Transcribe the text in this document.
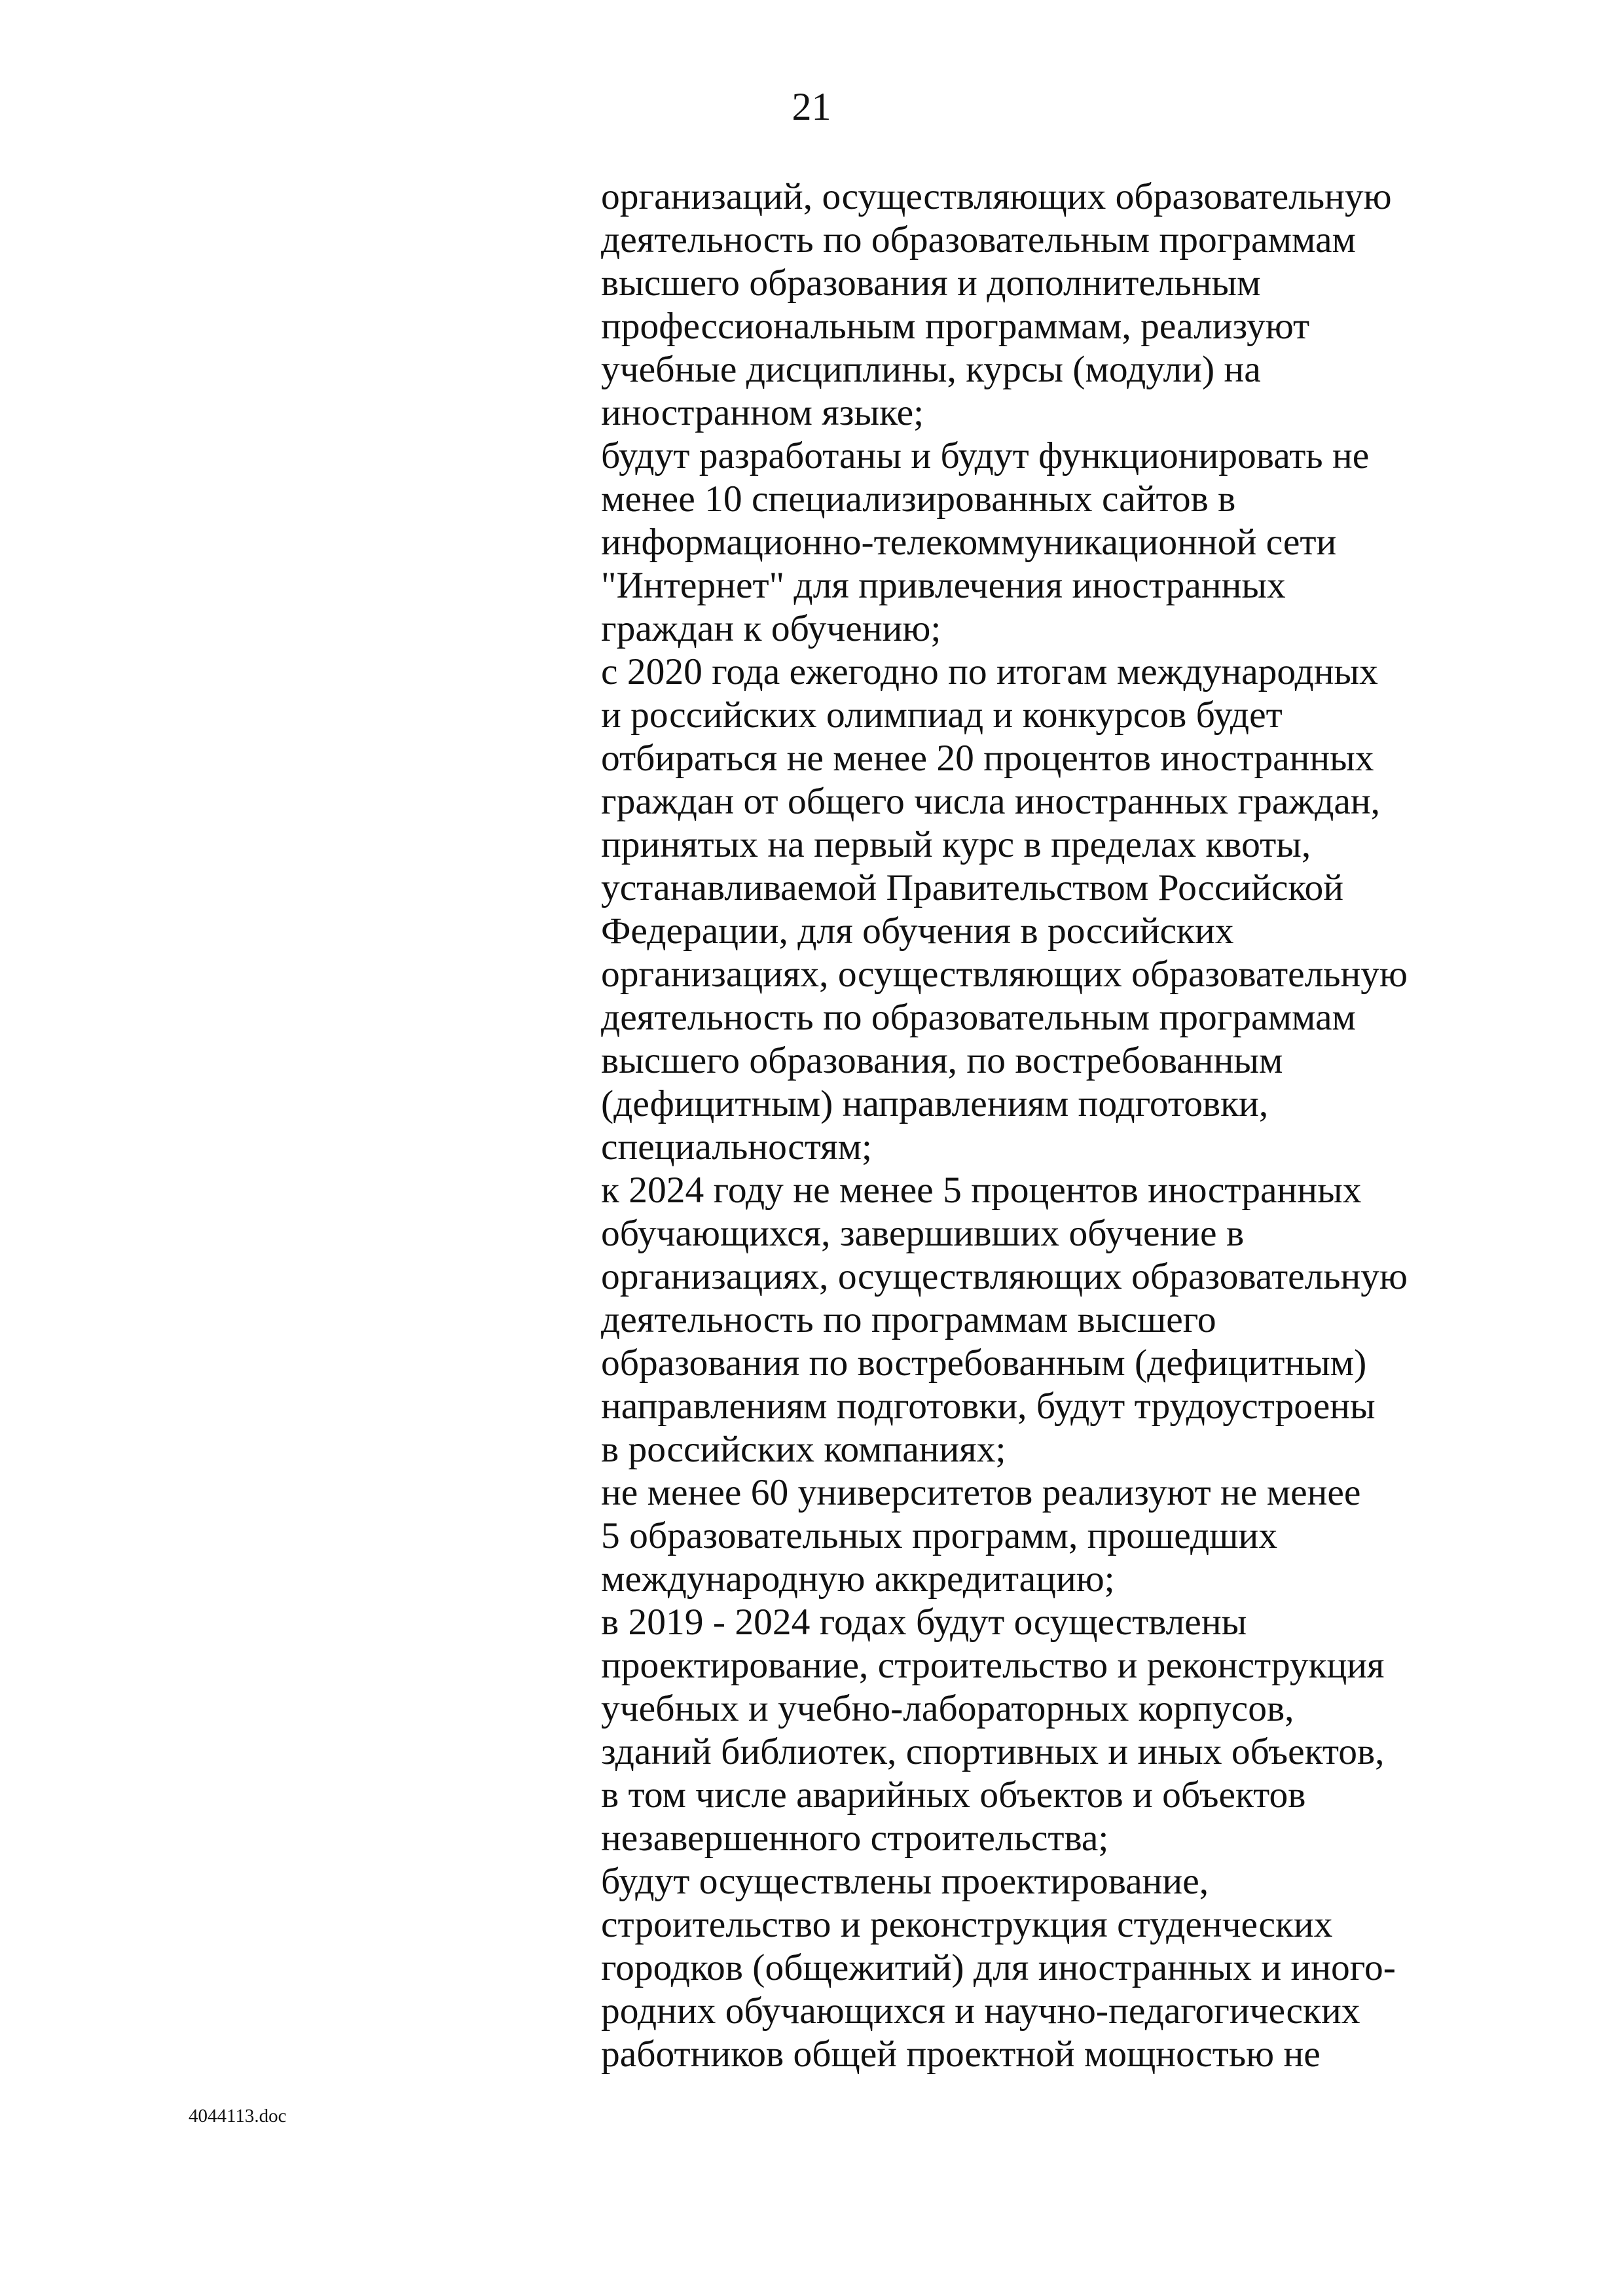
21
организаций, осуществляющих образовательную
деятельность по образовательным программам
высшего образования и дополнительным
профессиональным программам, реализуют
учебные дисциплины, курсы (модули) на
иностранном языке;
будут разработаны и будут функционировать не
менее 10 специализированных сайтов в
информационно-телекоммуникационной сети
"Интернет" для привлечения иностранных
граждан к обучению;
с 2020 года ежегодно по итогам международных
и российских олимпиад и конкурсов будет
отбираться не менее 20 процентов иностранных
граждан от общего числа иностранных граждан,
принятых на первый курс в пределах квоты,
устанавливаемой Правительством Российской
Федерации, для обучения в российских
организациях, осуществляющих образовательную
деятельность по образовательным программам
высшего образования, по востребованным
(дефицитным) направлениям подготовки,
специальностям;
к 2024 году не менее 5 процентов иностранных
обучающихся, завершивших обучение в
организациях, осуществляющих образовательную
деятельность по программам высшего
образования по востребованным (дефицитным)
направлениям подготовки, будут трудоустроены
в российских компаниях;
не менее 60 университетов реализуют не менее
5 образовательных программ, прошедших
международную аккредитацию;
в 2019 - 2024 годах будут осуществлены
проектирование, строительство и реконструкция
учебных и учебно-лабораторных корпусов,
зданий библиотек, спортивных и иных объектов,
в том числе аварийных объектов и объектов
незавершенного строительства;
будут осуществлены проектирование,
строительство и реконструкция студенческих
городков (общежитий) для иностранных и иного-
родних обучающихся и научно-педагогических
работников общей проектной мощностью не
4044113.doc
